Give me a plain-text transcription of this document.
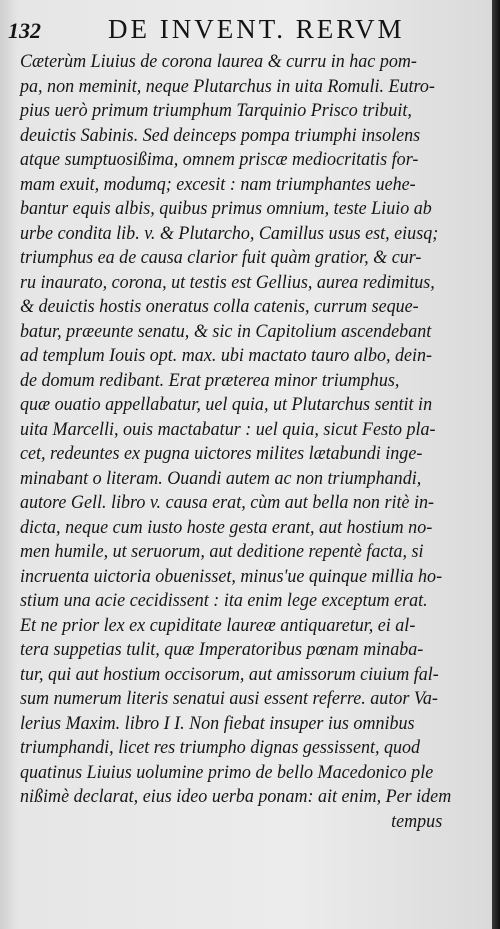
132 DE INVENT. RERVM
Cæterùm Liuius de corona laurea & curru in hac pom-
pa, non meminit, neque Plutarchus in uita Romuli. Eutro-
pius uerò primum triumphum Tarquinio Prisco tribuit,
deuictis Sabinis. Sed deinceps pompa triumphi insolens
atque sumptuosißima, omnem priscæ mediocritatis for-
mam exuit, modumq; excesit : nam triumphantes uehe-
bantur equis albis, quibus primus omnium, teste Liuio ab
urbe condita lib. v. & Plutarcho, Camillus usus est, eiusq;
triumphus ea de causa clarior fuit quàm gratior, & cur-
ru inaurato, corona, ut testis est Gellius, aurea redimitus,
& deuictis hostis oneratus colla catenis, currum seque-
batur, præeunte senatu, & sic in Capitolium ascendebant
ad templum Iouis opt. max. ubi mactato tauro albo, dein-
de domum redibant. Erat præterea minor triumphus,
quæ ouatio appellabatur, uel quia, ut Plutarchus sentit in
uita Marcelli, ouis mactabatur : uel quia, sicut Festo pla-
cet, redeuntes ex pugna uictores milites lætabundi inge-
minabant o literam. Ouandi autem ac non triumphandi,
autore Gell. libro v. causa erat, cùm aut bella non ritè in-
dicta, neque cum iusto hoste gesta erant, aut hostium no-
men humile, ut seruorum, aut deditione repentè facta, si
incruenta uictoria obuenisset, minus'ue quinque millia ho-
stium una acie cecidissent : ita enim lege exceptum erat.
Et ne prior lex ex cupiditate laureæ antiquaretur, ei al-
tera suppetias tulit, quæ Imperatoribus pœnam minaba-
tur, qui aut hostium occisorum, aut amissorum ciuium fal-
sum numerum literis senatui ausi essent referre. autor Va-
lerius Maxim. libro I I. Non fiebat insuper ius omnibus
triumphandi, licet res triumpho dignas gessissent, quod
quatinus Liuius uolumine primo de bello Macedonico ple
nißimè declarat, eius ideo uerba ponam: ait enim, Per idem
tempus
